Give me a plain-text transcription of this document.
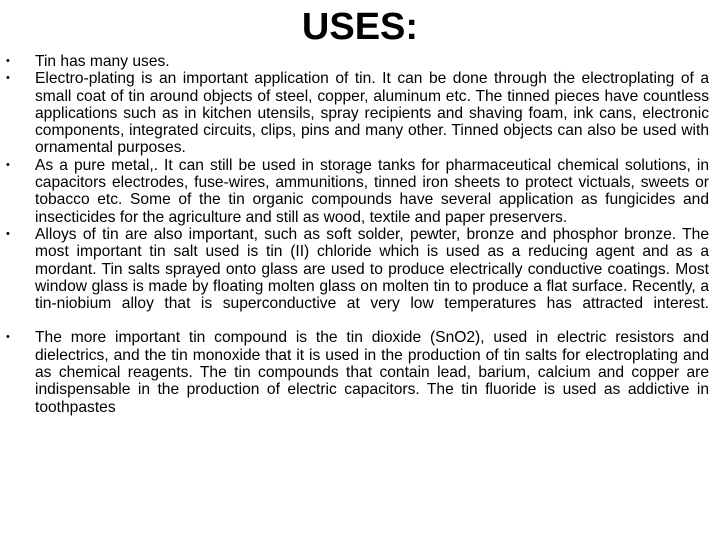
USES:
• Tin has many uses.
• Electro-plating is an important application of tin. It can be done through the electroplating of a small coat of tin around objects of steel, copper, aluminum etc. The tinned pieces have countless applications such as in kitchen utensils, spray recipients and shaving foam, ink cans, electronic components, integrated circuits, clips, pins and many other. Tinned objects can also be used with ornamental purposes.
• As a pure metal,. It can still be used in storage tanks for pharmaceutical chemical solutions, in capacitors electrodes, fuse-wires, ammunitions, tinned iron sheets to protect victuals, sweets or tobacco etc. Some of the tin organic compounds have several application as fungicides and insecticides for the agriculture and still as wood, textile and paper preservers.
• Alloys of tin are also important, such as soft solder, pewter, bronze and phosphor bronze. The most important tin salt used is tin (II) chloride which is used as a reducing agent and as a mordant. Tin salts sprayed onto glass are used to produce electrically conductive coatings. Most window glass is made by floating molten glass on molten tin to produce a flat surface. Recently, a tin-niobium alloy that is superconductive at very low temperatures has attracted interest.
• The more important tin compound is the tin dioxide (SnO2), used in electric resistors and dielectrics, and the tin monoxide that it is used in the production of tin salts for electroplating and as chemical reagents. The tin compounds that contain lead, barium, calcium and copper are indispensable in the production of electric capacitors. The tin fluoride is used as addictive in toothpastes
